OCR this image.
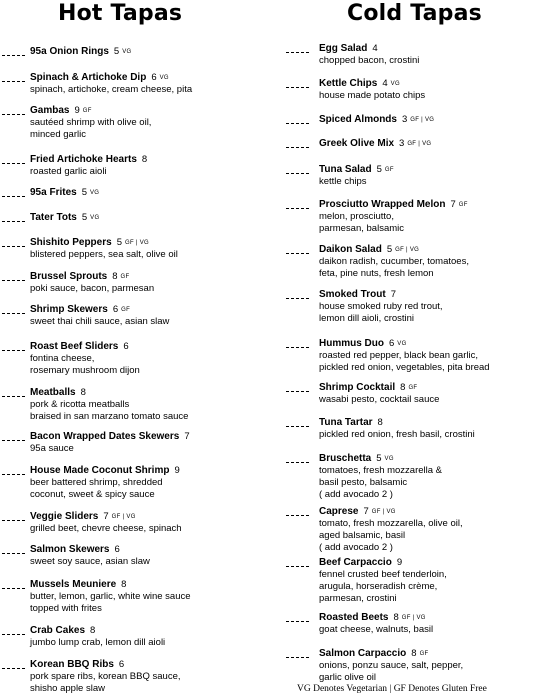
Hot Tapas
95a Onion Rings 5 VG
Spinach & Artichoke Dip 6 VG
spinach, artichoke, cream cheese, pita
Gambas 9 GF
sautéed shrimp with olive oil,
minced garlic
Fried Artichoke Hearts 8
roasted garlic aioli
95a Frites 5 VG
Tater Tots 5 VG
Shishito Peppers 5 GF | VG
blistered peppers, sea salt, olive oil
Brussel Sprouts 8 GF
poki sauce, bacon, parmesan
Shrimp Skewers 6 GF
sweet thai chili sauce, asian slaw
Roast Beef Sliders 6
fontina cheese,
rosemary mushroom dijon
Meatballs 8
pork & ricotta meatballs
braised in san marzano tomato sauce
Bacon Wrapped Dates Skewers 7
95a sauce
House Made Coconut Shrimp 9
beer battered shrimp, shredded
coconut, sweet & spicy sauce
Veggie Sliders 7 GF | VG
grilled beet, chevre cheese, spinach
Salmon Skewers 6
sweet soy sauce, asian slaw
Mussels Meuniere 8
butter, lemon, garlic, white wine sauce
topped with frites
Crab Cakes 8
jumbo lump crab, lemon dill aioli
Korean BBQ Ribs 6
pork spare ribs, korean BBQ sauce,
shisho apple slaw
Cold Tapas
Egg Salad 4
chopped bacon, crostini
Kettle Chips 4 VG
house made potato chips
Spiced Almonds 3 GF | VG
Greek Olive Mix 3 GF | VG
Tuna Salad 5 GF
kettle chips
Prosciutto Wrapped Melon 7 GF
melon, prosciutto,
parmesan, balsamic
Daikon Salad 5 GF | VG
daikon radish, cucumber, tomatoes,
feta, pine nuts, fresh lemon
Smoked Trout 7
house smoked ruby red trout,
lemon dill aioli, crostini
Hummus Duo 6 VG
roasted red pepper, black bean garlic,
pickled red onion, vegetables, pita bread
Shrimp Cocktail 8 GF
wasabi pesto, cocktail sauce
Tuna Tartar 8
pickled red onion, fresh basil, crostini
Bruschetta 5 VG
tomatoes, fresh mozzarella &
basil pesto, balsamic
( add avocado 2 )
Caprese 7 GF | VG
tomato, fresh mozzarella, olive oil,
aged balsamic, basil
( add avocado 2 )
Beef Carpaccio 9
fennel crusted beef tenderloin,
arugula, horseradish crème,
parmesan, crostini
Roasted Beets 8 GF | VG
goat cheese, walnuts, basil
Salmon Carpaccio 8 GF
onions, ponzu sauce, salt, pepper,
garlic olive oil
VG Denotes Vegetarian | GF Denotes Gluten Free
